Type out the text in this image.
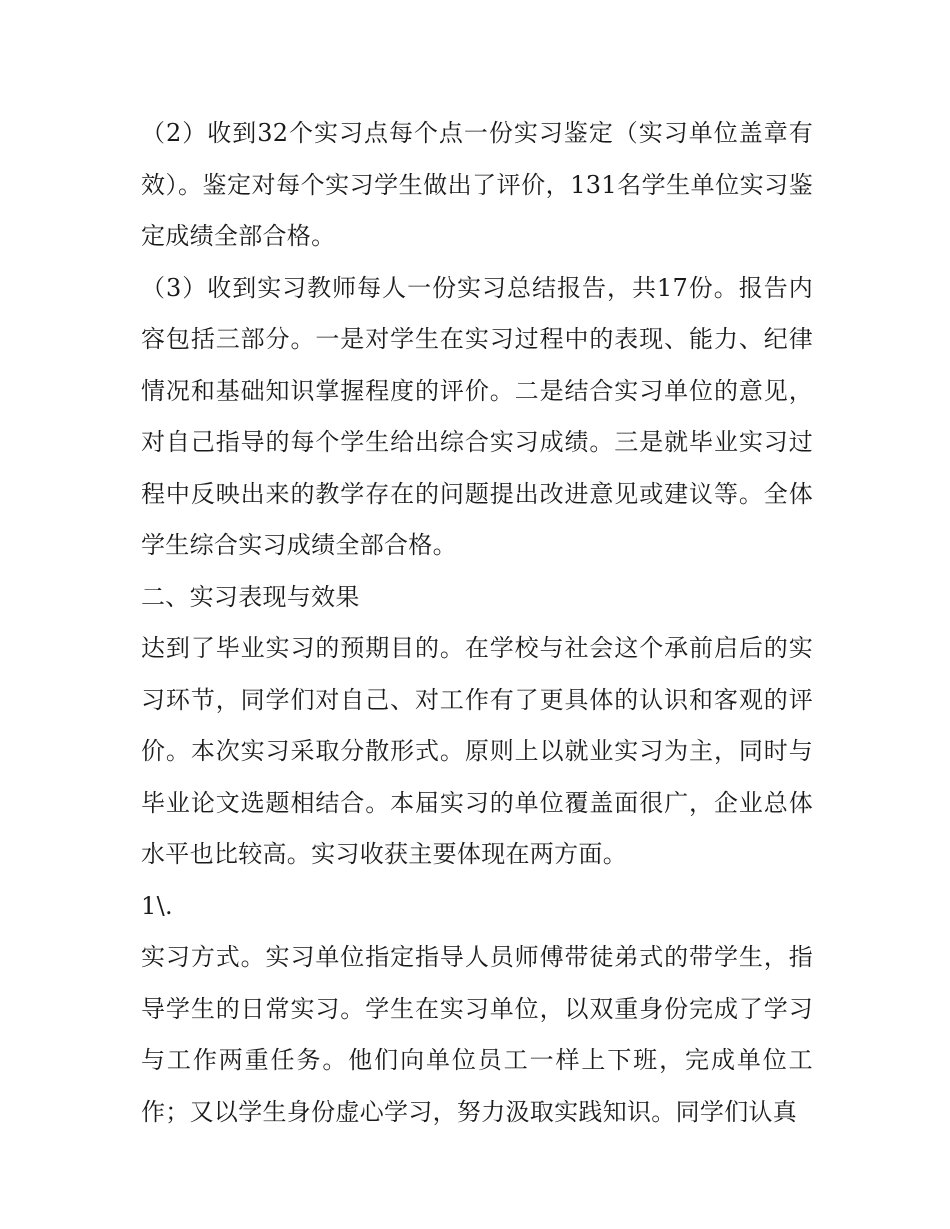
（2）收到32个实习点每个点一份实习鉴定（实习单位盖章有效）。鉴定对每个实习学生做出了评价，131名学生单位实习鉴定成绩全部合格。

（3）收到实习教师每人一份实习总结报告，共17份。报告内容包括三部分。一是对学生在实习过程中的表现、能力、纪律情况和基础知识掌握程度的评价。二是结合实习单位的意见，对自己指导的每个学生给出综合实习成绩。三是就毕业实习过程中反映出来的教学存在的问题提出改进意见或建议等。全体学生综合实习成绩全部合格。

二、实习表现与效果

达到了毕业实习的预期目的。在学校与社会这个承前启后的实习环节，同学们对自己、对工作有了更具体的认识和客观的评价。本次实习采取分散形式。原则上以就业实习为主，同时与毕业论文选题相结合。本届实习的单位覆盖面很广，企业总体水平也比较高。实习收获主要体现在两方面。

1\.

实习方式。实习单位指定指导人员师傅带徒弟式的带学生，指导学生的日常实习。学生在实习单位，以双重身份完成了学习与工作两重任务。他们向单位员工一样上下班，完成单位工作；又以学生身份虚心学习，努力汲取实践知识。同学们认真
